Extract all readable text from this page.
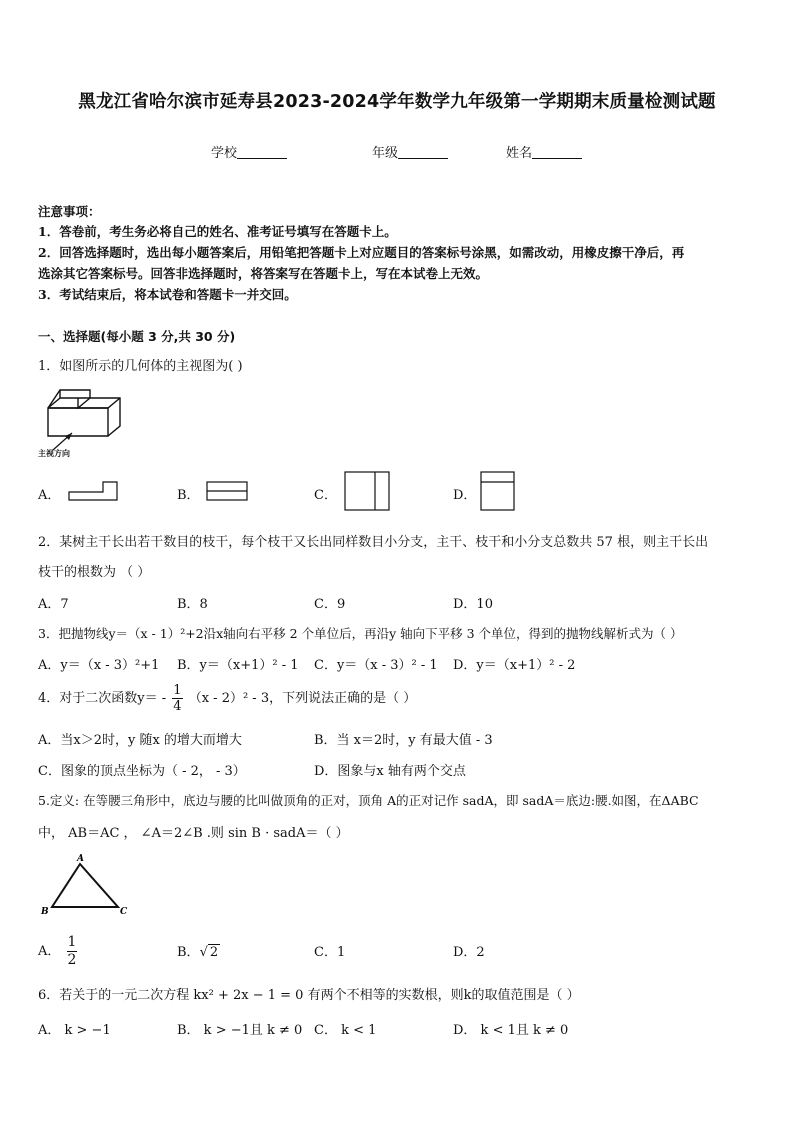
黑龙江省哈尔滨市延寿县2023-2024学年数学九年级第一学期期末质量检测试题
学校	年级	姓名
注意事项：
1．答卷前，考生务必将自己的姓名、准考证号填写在答题卡上。
2．回答选择题时，选出每小题答案后，用铅笔把答题卡上对应题目的答案标号涂黑，如需改动，用橡皮擦干净后，再
选涂其它答案标号。回答非选择题时，将答案写在答题卡上，写在本试卷上无效。
3．考试结束后，将本试卷和答题卡一并交回。
一、选择题(每小题 3 分,共 30 分)
1．如图所示的几何体的主视图为( )
主视方向
A．	B．	C．	D．
2．某树主干长出若干数目的枝干，每个枝干又长出同样数目小分支，主干、枝干和小分支总数共 57 根，则主干长出
枝干的根数为 （ ）
A．7	B．8	C．9	D．10
3．把抛物线y＝（x - 1）²+2沿x轴向右平移 2 个单位后，再沿y 轴向下平移 3 个单位，得到的抛物线解析式为（ ）
A．y＝（x - 3）²+1 B．y＝（x+1）² - 1 C．y＝（x - 3）² - 1 D．y＝（x+1）² - 2
4．对于二次函数$y= - \frac{1}{4} (x - 2)^2 - 3$，下列说法正确的是（ ）
A．当x＞2时，y 随x 的增大而增大	B．当 x＝2时，y 有最大值 - 3
C．图象的顶点坐标为（ - 2， - 3）	D．图象与x 轴有两个交点
5.定义: 在等腰三角形中，底边与腰的比叫做顶角的正对，顶角 A的正对记作 sadA，即 sadA＝底边:腰.如图，在ΔABC
中， AB＝AC ， ∠A＝2∠B .则 sin B · sadA＝（ ）
A
B	C
A． $\frac{1}{2}$	B．√ 2	C．1	D．2
6．若关于的一元二次方程 kx² + 2x − 1 = 0 有两个不相等的实数根，则k的取值范围是（ ）
A． k > −1	B． k > −1且 k ≠ 0 C． k < 1	D． k < 1且 k ≠ 0
